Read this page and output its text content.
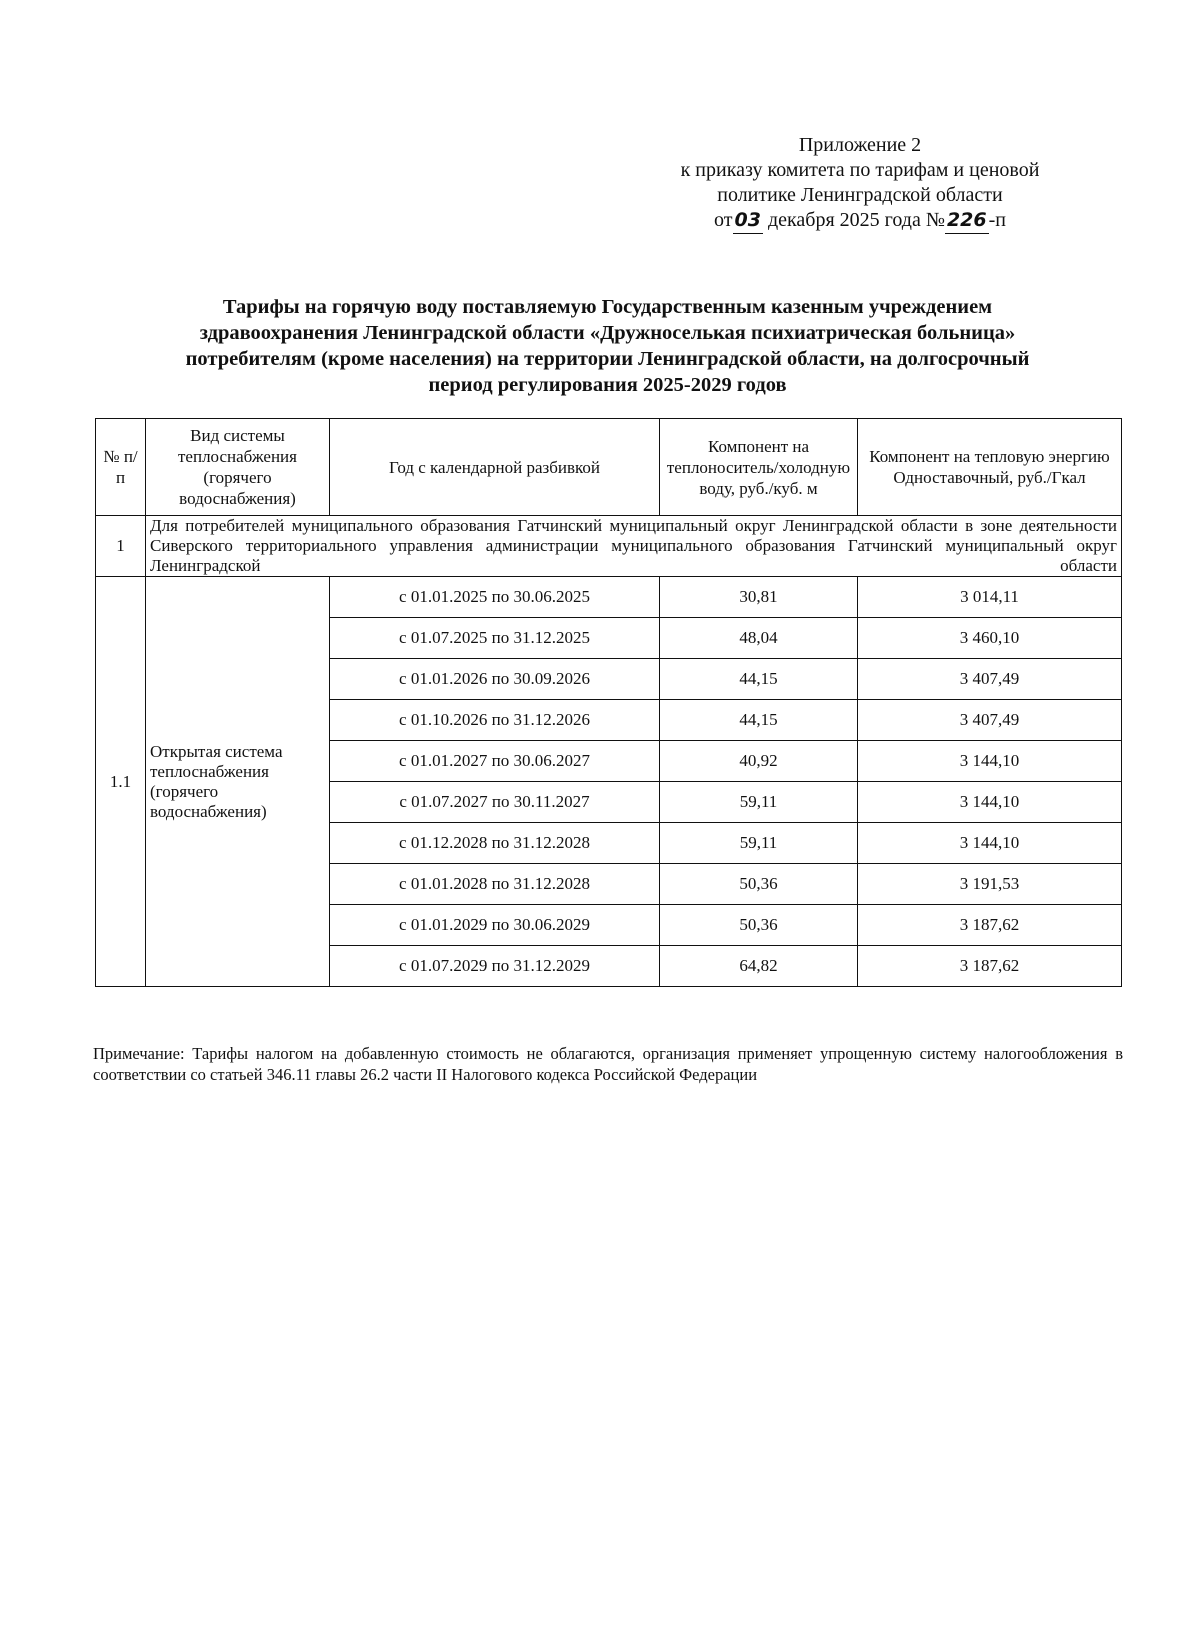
Приложение 2
к приказу комитета по тарифам и ценовой
политике Ленинградской области
от 03 декабря 2025 года № 226 -п
Тарифы на горячую воду поставляемую Государственным казенным учреждением
здравоохранения Ленинградской области «Дружноселькая психиатрическая больница»
потребителям (кроме населения) на территории Ленинградской области, на долгосрочный
период регулирования 2025-2029 годов
№ п/п	Вид системы теплоснабжения (горячего водоснабжения)	Год с календарной разбивкой	Компонент на теплоноситель/холодную воду, руб./куб. м	Компонент на тепловую энергию Одноставочный, руб./Гкал
1	Для потребителей муниципального образования Гатчинский муниципальный округ Ленинградской области в зоне деятельности Сиверского территориального управления администрации муниципального образования Гатчинский муниципальный округ Ленинградской области			
1.1	Открытая система теплоснабжения (горячего водоснабжения)	с 01.01.2025 по 30.06.2025	30,81	3 014,11
		с 01.07.2025 по 31.12.2025	48,04	3 460,10
		с 01.01.2026 по 30.09.2026	44,15	3 407,49
		с 01.10.2026 по 31.12.2026	44,15	3 407,49
		с 01.01.2027 по 30.06.2027	40,92	3 144,10
		с 01.07.2027 по 30.11.2027	59,11	3 144,10
		с 01.12.2028 по 31.12.2028	59,11	3 144,10
		с 01.01.2028 по 31.12.2028	50,36	3 191,53
		с 01.01.2029 по 30.06.2029	50,36	3 187,62
		с 01.07.2029 по 31.12.2029	64,82	3 187,62
Примечание: Тарифы налогом на добавленную стоимость не облагаются, организация применяет упрощенную систему налогообложения в соответствии со статьей 346.11 главы 26.2 части II Налогового кодекса Российской Федерации
